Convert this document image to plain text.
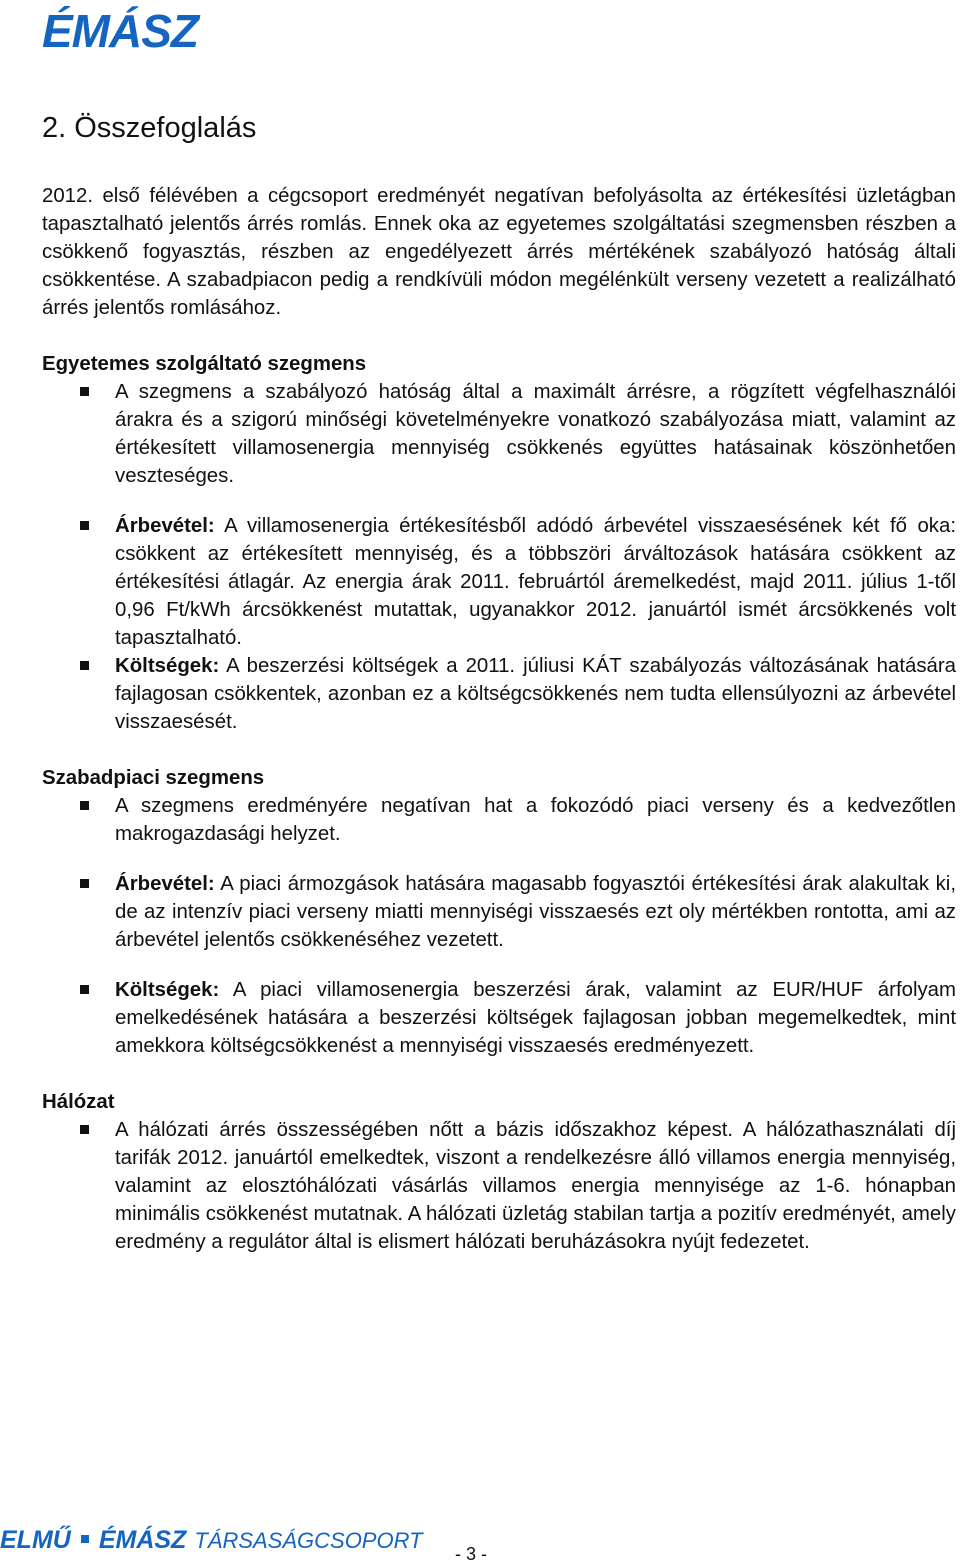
ÉMÁSZ
2. Összefoglalás

2012. első félévében a cégcsoport eredményét negatívan befolyásolta az értékesítési üzletágban tapasztalható jelentős árrés romlás. Ennek oka az egyetemes szolgáltatási szegmensben részben a csökkenő fogyasztás, részben az engedélyezett árrés mértékének szabályozó hatóság általi csökkentése. A szabadpiacon pedig a rendkívüli módon megélénkült verseny vezetett a realizálható árrés jelentős romlásához.

Egyetemes szolgáltató szegmens

A szegmens a szabályozó hatóság által a maximált árrésre, a rögzített végfelhasználói árakra és a szigorú minőségi követelményekre vonatkozó szabályozása miatt, valamint az értékesített villamosenergia mennyiség csökkenés együttes hatásainak köszönhetően veszteséges.

Árbevétel: A villamosenergia értékesítésből adódó árbevétel visszaesésének két fő oka: csökkent az értékesített mennyiség, és a többszöri árváltozások hatására csökkent az értékesítési átlagár. Az energia árak 2011. februártól áremelkedést, majd 2011. július 1-től 0,96 Ft/kWh árcsökkenést mutattak, ugyanakkor 2012. januártól ismét árcsökkenés volt tapasztalható.

Költségek: A beszerzési költségek a 2011. júliusi KÁT szabályozás változásának hatására fajlagosan csökkentek, azonban ez a költségcsökkenés nem tudta ellensúlyozni az árbevétel visszaesését.

Szabadpiaci szegmens

A szegmens eredményére negatívan hat a fokozódó piaci verseny és a kedvezőtlen makrogazdasági helyzet.

Árbevétel: A piaci ármozgások hatására magasabb fogyasztói értékesítési árak alakultak ki, de az intenzív piaci verseny miatti mennyiségi visszaesés ezt oly mértékben rontotta, ami az árbevétel jelentős csökkenéséhez vezetett.

Költségek: A piaci villamosenergia beszerzési árak, valamint az EUR/HUF árfolyam emelkedésének hatására a beszerzési költségek fajlagosan jobban megemelkedtek, mint amekkora költségcsökkenést a mennyiségi visszaesés eredményezett.

Hálózat

A hálózati árrés összességében nőtt a bázis időszakhoz képest. A hálózathasználati díj tarifák 2012. januártól emelkedtek, viszont a rendelkezésre álló villamos energia mennyiség, valamint az elosztóhálózati vásárlás villamos energia mennyisége az 1-6. hónapban minimális csökkenést mutatnak. A hálózati üzletág stabilan tartja a pozitív eredményét, amely eredmény a regulátor által is elismert hálózati beruházásokra nyújt fedezetet.

ELMŰ ÉMÁSZ TÁRSASÁGCSOPORT
- 3 -
